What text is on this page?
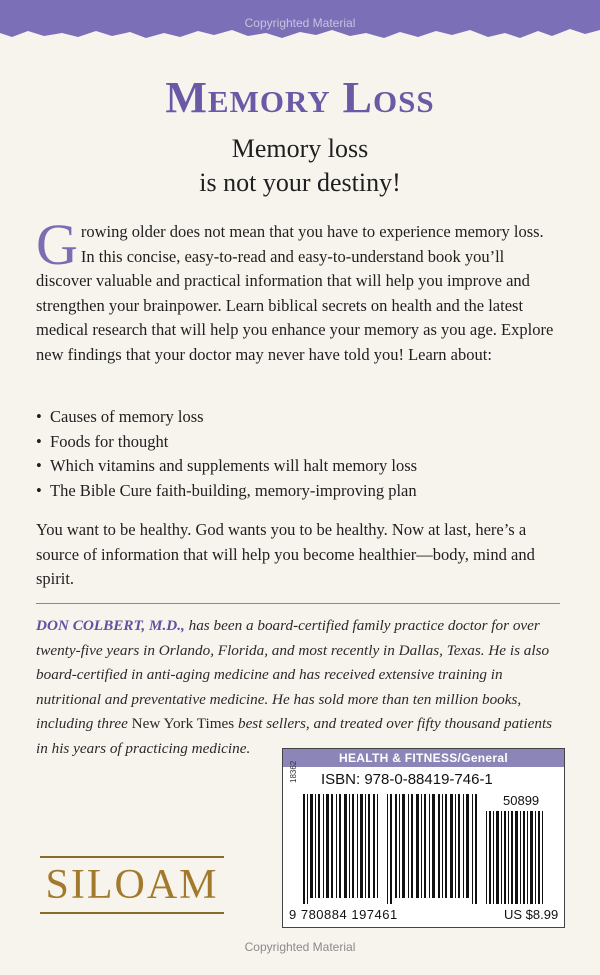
Copyrighted Material
Memory Loss
Memory loss
is not your destiny!

Growing older does not mean that you have to experience memory loss. In this concise, easy-to-read and easy-to-understand book you’ll discover valuable and practical information that will help you improve and strengthen your brainpower. Learn biblical secrets on health and the latest medical research that will help you enhance your memory as you age. Explore new findings that your doctor may never have told you! Learn about:

•  Causes of memory loss
•  Foods for thought
•  Which vitamins and supplements will halt memory loss
•  The Bible Cure faith-building, memory-improving plan

You want to be healthy. God wants you to be healthy. Now at last, here’s a source of information that will help you become healthier—body, mind and spirit.

DON COLBERT, M.D., has been a board-certified family practice doctor for over twenty-five years in Orlando, Florida, and most recently in Dallas, Texas. He is also board-certified in anti-aging medicine and has received extensive training in nutritional and preventative medicine. He has sold more than ten million books, including three New York Times best sellers, and treated over fifty thousand patients in his years of practicing medicine.

HEALTH & FITNESS/General
18362 ISBN: 978-0-88419-746-1
50899
9 780884 197461	US $8.99
SILOAM
Copyrighted Material
